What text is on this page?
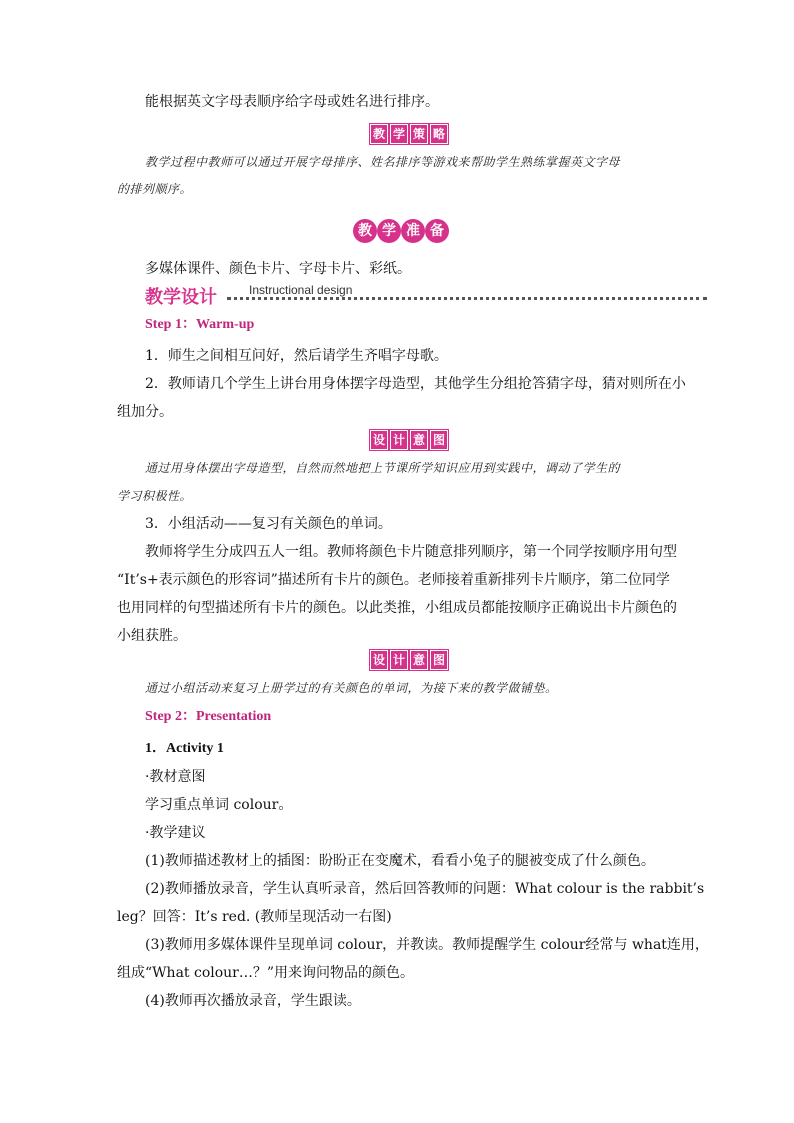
能根据英文字母表顺序给字母或姓名进行排序。
教 学 策 略
教学过程中教师可以通过开展字母排序、姓名排序等游戏来帮助学生熟练掌握英文字母
的排列顺序。
教 学 准 备
多媒体课件、颜色卡片、字母卡片、彩纸。
教学设计	Instructional design
Step 1：Warm-up
1．师生之间相互问好，然后请学生齐唱字母歌。
2．教师请几个学生上讲台用身体摆字母造型，其他学生分组抢答猜字母，猜对则所在小
组加分。
设 计 意 图
通过用身体摆出字母造型，自然而然地把上节课所学知识应用到实践中，调动了学生的
学习积极性。
3．小组活动——复习有关颜色的单词。
教师将学生分成四五人一组。教师将颜色卡片随意排列顺序，第一个同学按顺序用句型
“It’s+表示颜色的形容词”描述所有卡片的颜色。老师接着重新排列卡片顺序，第二位同学
也用同样的句型描述所有卡片的颜色。以此类推，小组成员都能按顺序正确说出卡片颜色的
小组获胜。
设 计 意 图
通过小组活动来复习上册学过的有关颜色的单词，为接下来的教学做铺垫。
Step 2：Presentation
1．Activity 1
·教材意图
学习重点单词 colour。
·教学建议
(1)教师描述教材上的插图：盼盼正在变魔术，看看小兔子的腿被变成了什么颜色。
(2)教师播放录音，学生认真听录音，然后回答教师的问题：What colour is the rabbit’s
leg？回答：It’s red. (教师呈现活动一右图)
(3)教师用多媒体课件呈现单词 colour，并教读。教师提醒学生 colour经常与 what连用，
组成“What colour…？”用来询问物品的颜色。
(4)教师再次播放录音，学生跟读。
